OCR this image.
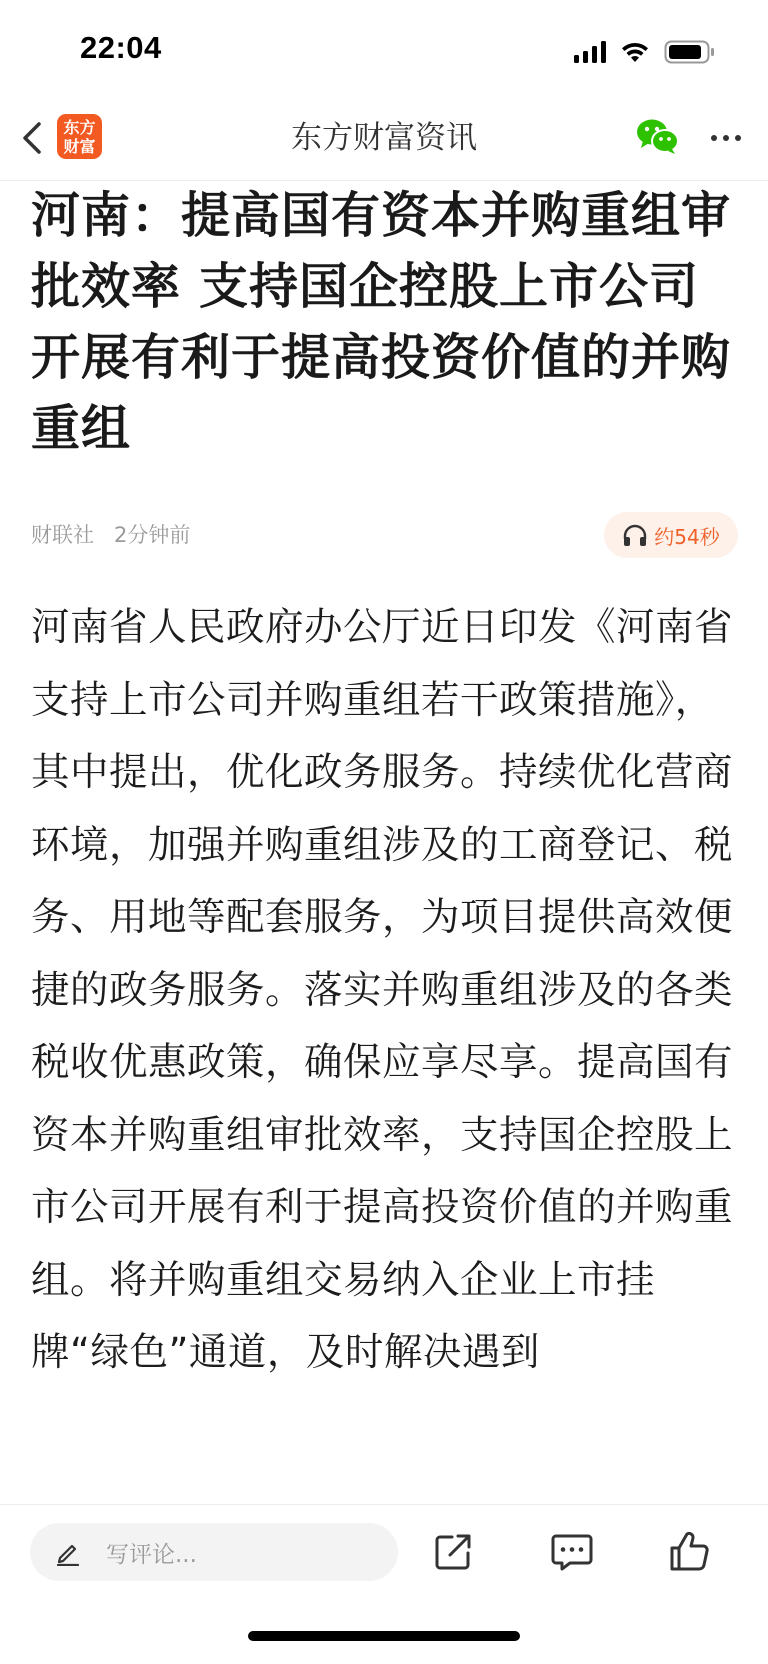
22:04
东方
财富	东方财富资讯
河南：提高国有资本并购重组审批效率 支持国企控股上市公司开展有利于提高投资价值的并购重组
财联社 2分钟前	约54秒
河南省人民政府办公厅近日印发《河南省支持上市公司并购重组若干政策措施》，其中提出，优化政务服务。持续优化营商环境，加强并购重组涉及的工商登记、税务、用地等配套服务，为项目提供高效便捷的政务服务。落实并购重组涉及的各类税收优惠政策，确保应享尽享。提高国有资本并购重组审批效率，支持国企控股上市公司开展有利于提高投资价值的并购重组。将并购重组交易纳入企业上市挂牌“绿色”通道，及时解决遇到
写评论...
